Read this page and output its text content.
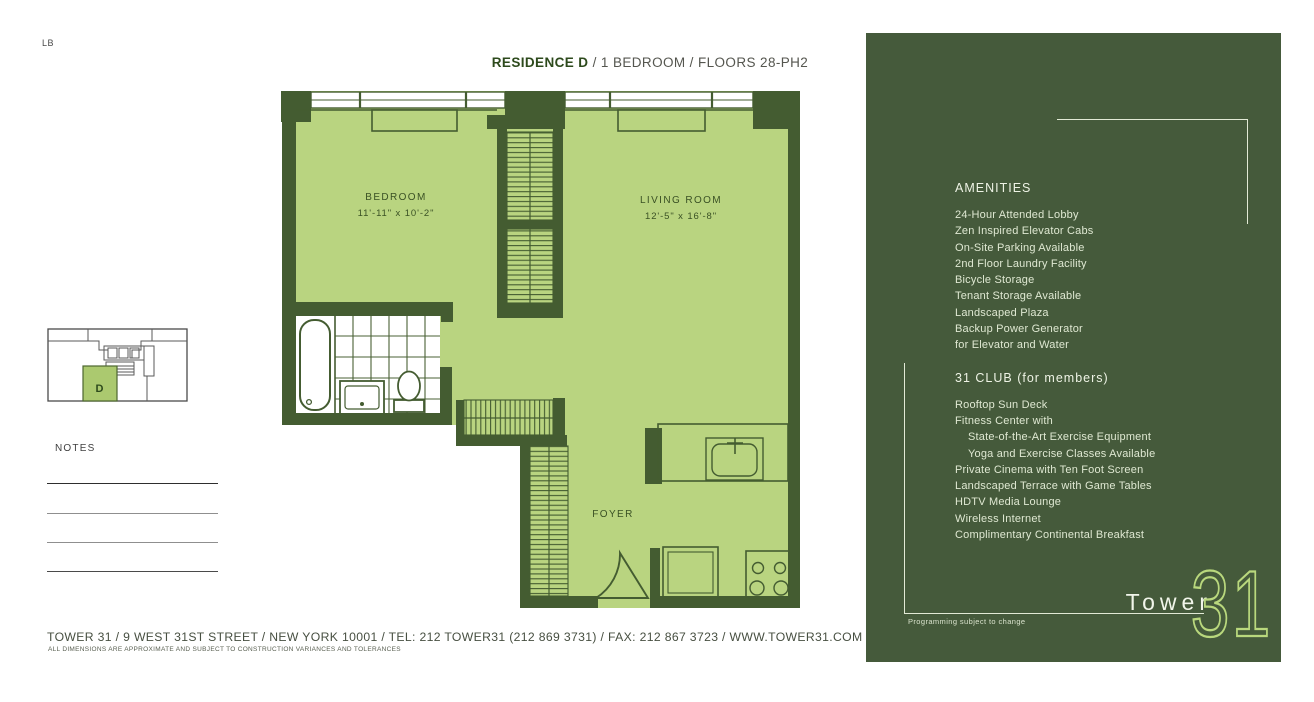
LB
RESIDENCE D / 1 BEDROOM / FLOORS 28-PH2
BEDROOM
11'-11" x 10'-2"
LIVING ROOM
12'-5" x 16'-8"
FOYER
D
NOTES
TOWER 31 / 9 WEST 31ST STREET / NEW YORK 10001 / TEL: 212 TOWER31 (212 869 3731) / FAX: 212 867 3723 / WWW.TOWER31.COM
ALL DIMENSIONS ARE APPROXIMATE AND SUBJECT TO CONSTRUCTION VARIANCES AND TOLERANCES
AMENITIES
24-Hour Attended Lobby
Zen Inspired Elevator Cabs
On-Site Parking Available
2nd Floor Laundry Facility
Bicycle Storage
Tenant Storage Available
Landscaped Plaza
Backup Power Generator
for Elevator and Water
31 CLUB (for members)
Rooftop Sun Deck
Fitness Center with
State-of-the-Art Exercise Equipment
Yoga and Exercise Classes Available
Private Cinema with Ten Foot Screen
Landscaped Terrace with Game Tables
HDTV Media Lounge
Wireless Internet
Complimentary Continental Breakfast
Programming subject to change
Tower
31
